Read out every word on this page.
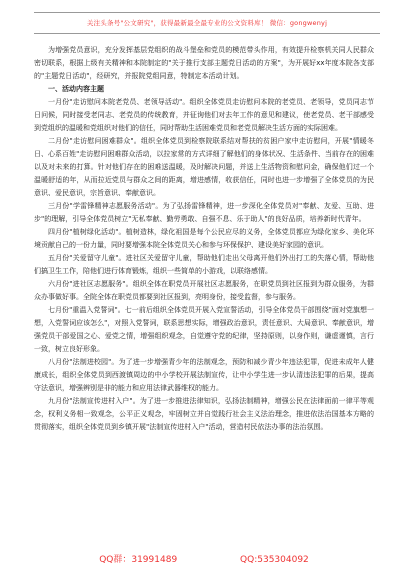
关注头条号"公文研究"，获得最新最全最专业的公文资料库！ 微信：gongwenyj

为增强党员意识，充分发挥基层党组织的战斗堡垒和党员的模范带头作用，有效提升检察机关同人民群众密切联系，根据上级有关精神和本院制定的"关于推行支部主题党日活动的方案"，为开展好xx年度本院各支部的"主题党日活动"，经研究，并报院党组同意，特制定本活动计划。

一、活动内容主题

一月份"走访慰问本院老党员、老领导活动"。组织全体党员走访慰问本院的老党员、老领导，党员同志节日问候，同时接受老同志、老党员的传统教育，并征询他们对去年工作的意见和建议，使老党员、老干部感受到党组织的温暖和党组织对他们的信任，同时帮助生活困难党员和老党员解决生活方面的实际困难。

二月份"走访慰问困难群众"。组织全体党员到检察院联系结对帮扶的贫困户家中走访慰问，开展"情暖冬日、心系百姓"走访慰问困难群众活动，以拉家常的方式详细了解他们的身体状况、生活条件、当前存在的困难以及对未来的打算。针对他们存在的困难送温暖，及时解决问题，并送上生活物资和慰问金，确保他们过一个温暖舒适的年，从而拉近党员与群众之间的距离，增进感情，收获信任，同时也进一步增强了全体党员的为民意识、爱民意识，宗旨意识、奉献意识。

三月份"学雷锋精神志愿服务活动"。为了弘扬雷锋精神，进一步深化全体党员对"奉献、友爱、互助、进步"的理解，引导全体党员树立"无私奉献、勤劳勇敢、自强不息、乐于助人"的良好品质，培养新时代青年。

四月份"植树绿化活动"。植树造林，绿化祖国是每个公民应尽的义务，全体党员都应为绿化家乡、美化环境贡献自己的一份力量，同时要增强本院全体党员关心和参与环保保护、建设美好家园的意识。

五月份"关爱留守儿童"。进社区关爱留守儿童，帮助他们走出父母离开他们外出打工的失落心情，帮助他们搞卫生工作，陪他们进行体育锻炼，组织一些简单的小游戏，以联络感情。

六月份"进社区志愿服务"。组织全体在职党员开展社区志愿服务，在职党员到社区报到为群众服务，为群众办事做好事。全院全体在职党员都要到社区报到，亮明身份，接受监督，参与服务。

七月份"重温入党誓词"。七一前后组织全体党员开展入党宣誓活动，引导全体党员干部围绕"面对党旗想一想，入党誓词应该怎么"，对照入党誓词，联系思想实际，增强政治意识，责任意识、大局意识、奉献意识，增强党员干部爱国之心、爱党之情，增强组织观念，自觉遵守党的纪律，坚持原则，以身作则，谦虚谨慎，言行一致，树立良好形象。

八月份"法制进校园"。为了进一步增强青少年的法制观念，预防和减少青少年违法犯罪，促进未成年人健康成长，组织全体党员到西渡镇周边的中小学校开展法制宣传，让中小学生进一步认清违法犯罪的后果，提高守法意识，增强辨别是非的能力和应用法律武器维权的能力。

九月份"法制宣传进村入户"。为了进一步推进法律知识，弘扬法制精神，增强公民在法律面前一律平等观念，权利义务相一致观念，公平正义观念，牢固树立并自觉践行社会主义法治理念，推进依法治国基本方略的贯彻落实，组织全体党员到乡镇开展"法制宣传进村入户"活动，营造村民依法办事的法治氛围。

QQ群：31991489	QQ:535304092
